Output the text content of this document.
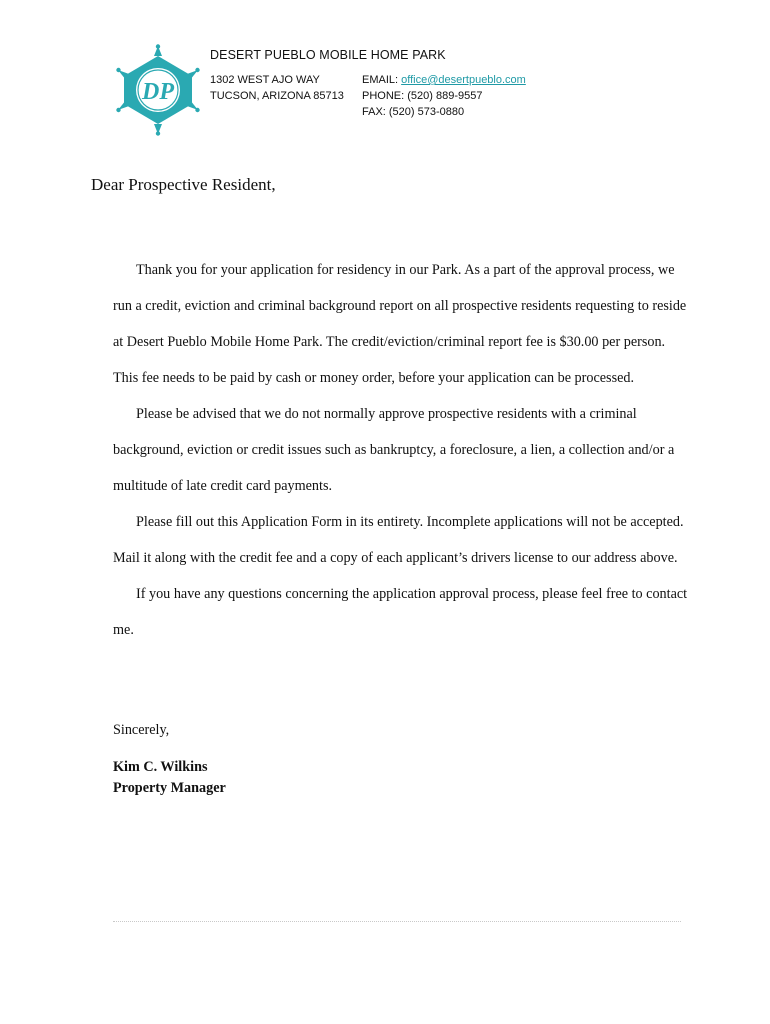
DP
DESERT PUEBLO MOBILE HOME PARK
1302 WEST AJO WAY
TUCSON, ARIZONA 85713
EMAIL: office@desertpueblo.com
PHONE: (520) 889-9557
FAX: (520) 573-0880
Dear Prospective Resident,

Thank you for your application for residency in our Park. As a part of the approval process, we run a credit, eviction and criminal background report on all prospective residents requesting to reside at Desert Pueblo Mobile Home Park. The credit/eviction/criminal report fee is $30.00 per person. This fee needs to be paid by cash or money order, before your application can be processed.

Please be advised that we do not normally approve prospective residents with a criminal background, eviction or credit issues such as bankruptcy, a foreclosure, a lien, a collection and/or a multitude of late credit card payments.

Please fill out this Application Form in its entirety. Incomplete applications will not be accepted. Mail it along with the credit fee and a copy of each applicant’s drivers license to our address above.

If you have any questions concerning the application approval process, please feel free to contact me.

Sincerely,
Kim C. Wilkins
Property Manager
